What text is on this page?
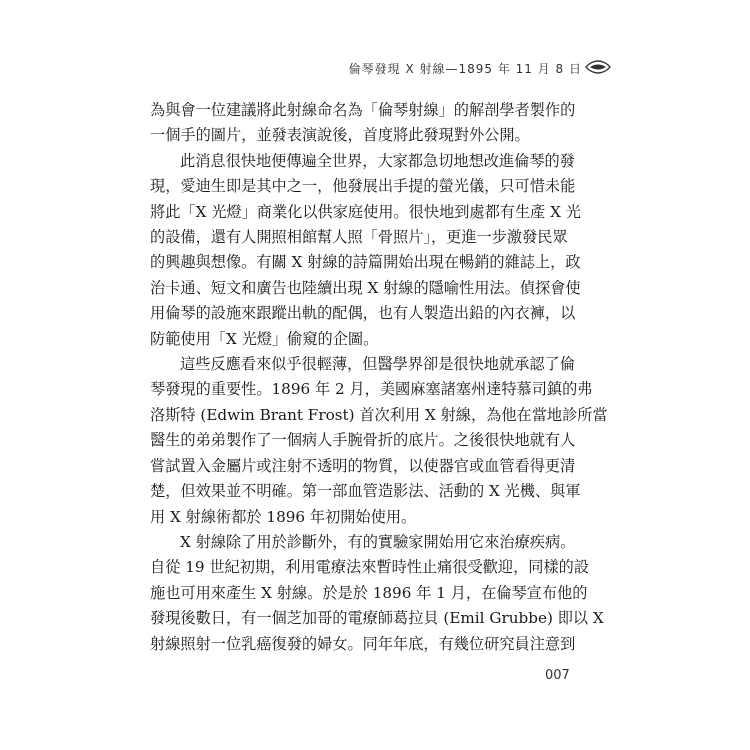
倫琴發現 X 射線—1895 年 11 月 8 日

為與會一位建議將此射線命名為「倫琴射線」的解剖學者製作的
一個手的圖片，並發表演說後，首度將此發現對外公開。

此消息很快地便傳遍全世界，大家都急切地想改進倫琴的發
現，愛迪生即是其中之一，他發展出手提的螢光儀，只可惜未能
將此「X 光燈」商業化以供家庭使用。很快地到處都有生產 X 光
的設備，還有人開照相館幫人照「骨照片」，更進一步激發民眾
的興趣與想像。有關 X 射線的詩篇開始出現在暢銷的雜誌上，政
治卡通、短文和廣告也陸續出現 X 射線的隱喻性用法。偵探會使
用倫琴的設施來跟蹤出軌的配偶，也有人製造出鉛的內衣褲，以
防範使用「X 光燈」偷窺的企圖。

這些反應看來似乎很輕薄，但醫學界卻是很快地就承認了倫
琴發現的重要性。1896 年 2 月，美國麻塞諸塞州達特慕司鎮的弗
洛斯特 (Edwin Brant Frost) 首次利用 X 射線，為他在當地診所當
醫生的弟弟製作了一個病人手腕骨折的底片。之後很快地就有人
嘗試置入金屬片或注射不透明的物質，以使器官或血管看得更清
楚，但效果並不明確。第一部血管造影法、活動的 X 光機、與軍
用 X 射線術都於 1896 年初開始使用。

X 射線除了用於診斷外，有的實驗家開始用它來治療疾病。
自從 19 世紀初期，利用電療法來暫時性止痛很受歡迎，同樣的設
施也可用來產生 X 射線。於是於 1896 年 1 月，在倫琴宣布他的
發現後數日，有一個芝加哥的電療師葛拉貝 (Emil Grubbe) 即以 X
射線照射一位乳癌復發的婦女。同年年底，有幾位研究員注意到

007
